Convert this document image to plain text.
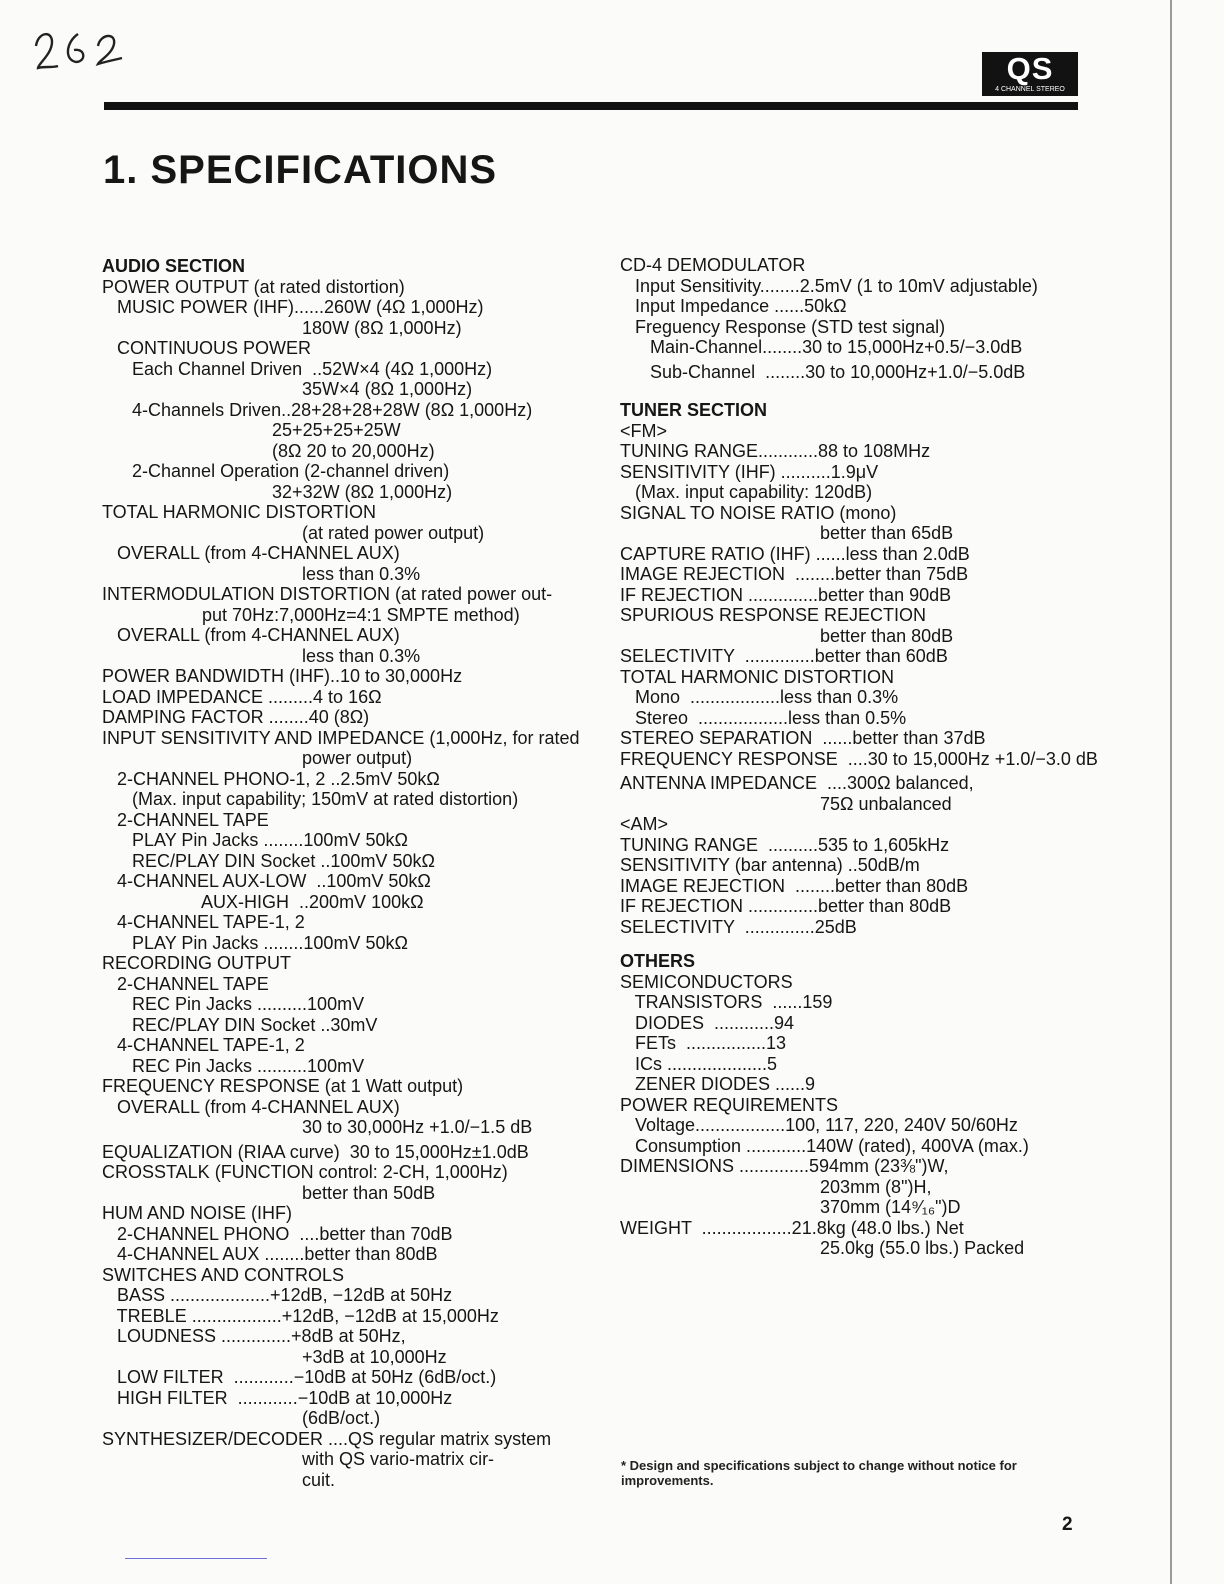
QS
4 CHANNEL STEREO
1. SPECIFICATIONS
AUDIO SECTION
POWER OUTPUT (at rated distortion)
MUSIC POWER (IHF)......260W (4Ω 1,000Hz)
180W (8Ω 1,000Hz)
CONTINUOUS POWER
Each Channel Driven  ..52W×4 (4Ω 1,000Hz)
35W×4 (8Ω 1,000Hz)
4-Channels Driven..28+28+28+28W (8Ω 1,000Hz)
25+25+25+25W
(8Ω 20 to 20,000Hz)
2-Channel Operation (2-channel driven)
32+32W (8Ω 1,000Hz)
TOTAL HARMONIC DISTORTION
(at rated power output)
OVERALL (from 4-CHANNEL AUX)
less than 0.3%
INTERMODULATION DISTORTION (at rated power out-
put 70Hz:7,000Hz=4:1 SMPTE method)
OVERALL (from 4-CHANNEL AUX)
less than 0.3%
POWER BANDWIDTH (IHF)..10 to 30,000Hz
LOAD IMPEDANCE .........4 to 16Ω
DAMPING FACTOR ........40 (8Ω)
INPUT SENSITIVITY AND IMPEDANCE (1,000Hz, for rated
power output)
2-CHANNEL PHONO-1, 2 ..2.5mV 50kΩ
(Max. input capability; 150mV at rated distortion)
2-CHANNEL TAPE
PLAY Pin Jacks ........100mV 50kΩ
REC/PLAY DIN Socket ..100mV 50kΩ
4-CHANNEL AUX-LOW  ..100mV 50kΩ
AUX-HIGH  ..200mV 100kΩ
4-CHANNEL TAPE-1, 2
PLAY Pin Jacks ........100mV 50kΩ
RECORDING OUTPUT
2-CHANNEL TAPE
REC Pin Jacks ..........100mV
REC/PLAY DIN Socket ..30mV
4-CHANNEL TAPE-1, 2
REC Pin Jacks ..........100mV
FREQUENCY RESPONSE (at 1 Watt output)
OVERALL (from 4-CHANNEL AUX)
30 to 30,000Hz +1.0/−1.5 dB
EQUALIZATION (RIAA curve)  30 to 15,000Hz±1.0dB
CROSSTALK (FUNCTION control: 2-CH, 1,000Hz)
better than 50dB
HUM AND NOISE (IHF)
2-CHANNEL PHONO  ....better than 70dB
4-CHANNEL AUX ........better than 80dB
SWITCHES AND CONTROLS
BASS ....................+12dB, −12dB at 50Hz
TREBLE ..................+12dB, −12dB at 15,000Hz
LOUDNESS ..............+8dB at 50Hz,
+3dB at 10,000Hz
LOW FILTER  ............−10dB at 50Hz (6dB/oct.)
HIGH FILTER  ............−10dB at 10,000Hz
(6dB/oct.)
SYNTHESIZER/DECODER ....QS regular matrix system
with QS vario-matrix cir-
cuit.
CD-4 DEMODULATOR
Input Sensitivity........2.5mV (1 to 10mV adjustable)
Input Impedance ......50kΩ
Freguency Response (STD test signal)
Main-Channel........30 to 15,000Hz+0.5/−3.0dB
Sub-Channel  ........30 to 10,000Hz+1.0/−5.0dB
TUNER SECTION
<FM>
TUNING RANGE............88 to 108MHz
SENSITIVITY (IHF) ..........1.9μV
(Max. input capability: 120dB)
SIGNAL TO NOISE RATIO (mono)
better than 65dB
CAPTURE RATIO (IHF) ......less than 2.0dB
IMAGE REJECTION  ........better than 75dB
IF REJECTION ..............better than 90dB
SPURIOUS RESPONSE REJECTION
better than 80dB
SELECTIVITY  ..............better than 60dB
TOTAL HARMONIC DISTORTION
Mono  ..................less than 0.3%
Stereo  ..................less than 0.5%
STEREO SEPARATION  ......better than 37dB
FREQUENCY RESPONSE  ....30 to 15,000Hz +1.0/−3.0 dB
ANTENNA IMPEDANCE  ....300Ω balanced,
75Ω unbalanced
<AM>
TUNING RANGE  ..........535 to 1,605kHz
SENSITIVITY (bar antenna) ..50dB/m
IMAGE REJECTION  ........better than 80dB
IF REJECTION ..............better than 80dB
SELECTIVITY  ..............25dB
OTHERS
SEMICONDUCTORS
TRANSISTORS  ......159
DIODES  ............94
FETs  ................13
ICs ....................5
ZENER DIODES ......9
POWER REQUIREMENTS
Voltage..................100, 117, 220, 240V 50/60Hz
Consumption ............140W (rated), 400VA (max.)
DIMENSIONS ..............594mm (23⅜")W,
203mm (8")H,
370mm (14⁹⁄₁₆")D
WEIGHT  ..................21.8kg (48.0 lbs.) Net
25.0kg (55.0 lbs.) Packed
* Design and specifications subject to change without notice for improvements.
2
